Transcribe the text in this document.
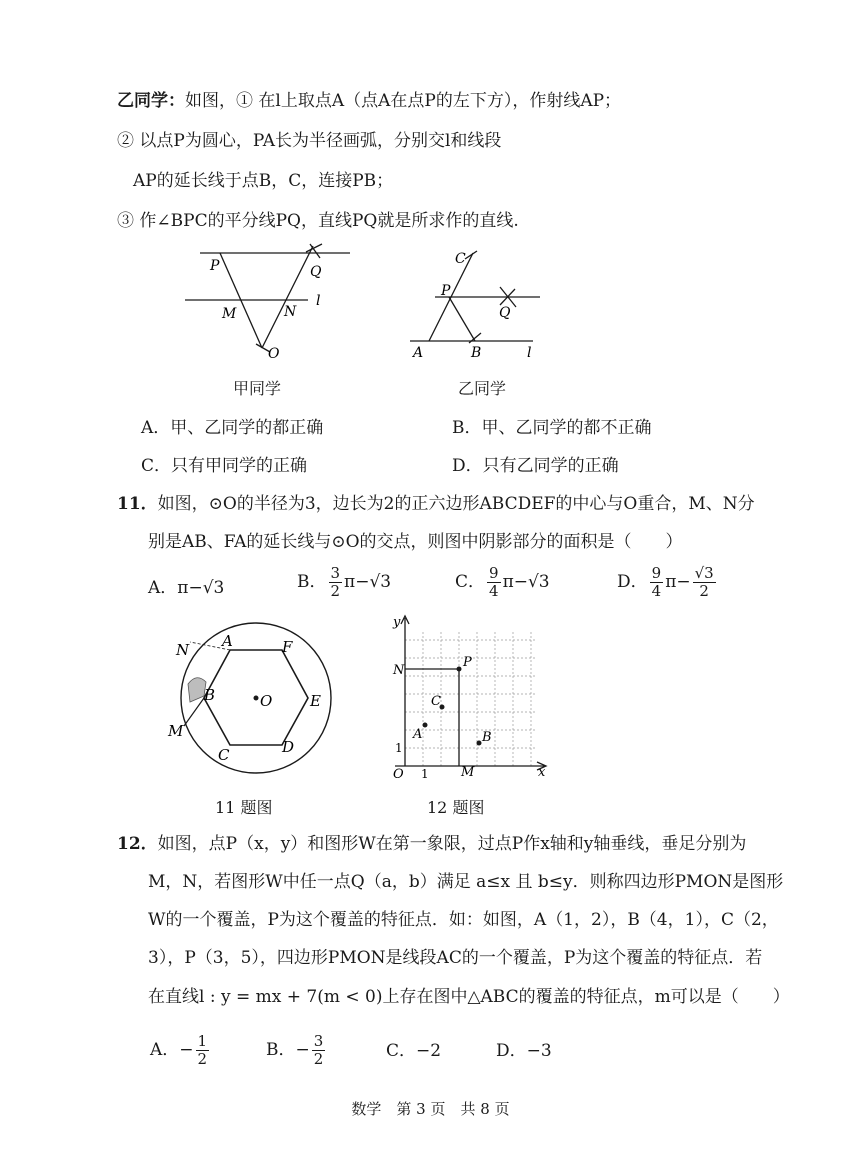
乙同学：如图，① 在l上取点A（点A在点P的左下方），作射线AP；
② 以点P为圆心，PA长为半径画弧，分别交l和线段
AP的延长线于点B，C，连接PB；
③ 作∠BPC的平分线PQ，直线PQ就是所求作的直线.
P	Q
M	N
l
O
甲同学
C
P
Q
A	B	l
乙同学
A．甲、乙同学的都正确	B．甲、乙同学的都不正确
C．只有甲同学的正确	D．只有乙同学的正确
11．如图，⊙O的半径为3，边长为2的正六边形ABCDEF的中心与O重合，M、N分
别是AB、FA的延长线与⊙O的交点，则图中阴影部分的面积是（　　）
A．π−√3	B． $\frac{3}{2} \pi-√3$	C． $\frac{9}{4} \pi-√3$	D． $\frac{9}{4} \pi- \frac{√3}{2}$
N A	F
B	O	E
M
C	D
11 题图
y
x
O 1
1
N
M
P
A
C
B
12 题图
12．如图，点P（x，y）和图形W在第一象限，过点P作x轴和y轴垂线，垂足分别为
M，N，若图形W中任一点Q（a，b）满足 a≤x 且 b≤y．则称四边形PMON是图形
W的一个覆盖，P为这个覆盖的特征点．如：如图，A（1，2），B（4，1），C（2，
3），P（3，5），四边形PMON是线段AC的一个覆盖，P为这个覆盖的特征点．若
在直线l : y = mx + 7(m < 0)上存在图中△ABC的覆盖的特征点，m可以是（　　）
A．− $\frac{1}{2}$	B．− $\frac{3}{2}$	C．−2	D．−3
数学　第 3 页　共 8 页
